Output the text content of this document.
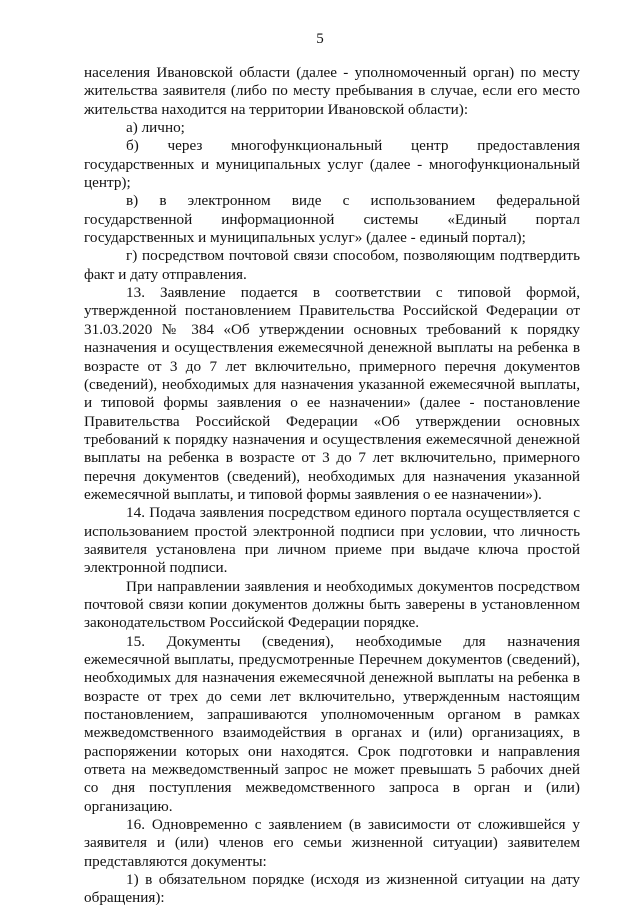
5

населения Ивановской области (далее - уполномоченный орган) по месту жительства заявителя (либо по месту пребывания в случае, если его место жительства находится на территории Ивановской области):

а) лично;

б) через многофункциональный центр предоставления государственных и муниципальных услуг (далее - многофункциональный центр);

в) в электронном виде с использованием федеральной государственной информационной системы «Единый портал государственных и муниципальных услуг» (далее - единый портал);

г) посредством почтовой связи способом, позволяющим подтвердить факт и дату отправления.

13. Заявление подается в соответствии с типовой формой, утвержденной постановлением Правительства Российской Федерации от 31.03.2020 № 384 «Об утверждении основных требований к порядку назначения и осуществления ежемесячной денежной выплаты на ребенка в возрасте от 3 до 7 лет включительно, примерного перечня документов (сведений), необходимых для назначения указанной ежемесячной выплаты, и типовой формы заявления о ее назначении» (далее - постановление Правительства Российской Федерации «Об утверждении основных требований к порядку назначения и осуществления ежемесячной денежной выплаты на ребенка в возрасте от 3 до 7 лет включительно, примерного перечня документов (сведений), необходимых для назначения указанной ежемесячной выплаты, и типовой формы заявления о ее назначении»).

14. Подача заявления посредством единого портала осуществляется с использованием простой электронной подписи при условии, что личность заявителя установлена при личном приеме при выдаче ключа простой электронной подписи.

При направлении заявления и необходимых документов посредством почтовой связи копии документов должны быть заверены в установленном законодательством Российской Федерации порядке.

15. Документы (сведения), необходимые для назначения ежемесячной выплаты, предусмотренные Перечнем документов (сведений), необходимых для назначения ежемесячной денежной выплаты на ребенка в возрасте от трех до семи лет включительно, утвержденным настоящим постановлением, запрашиваются уполномоченным органом в рамках межведомственного взаимодействия в органах и (или) организациях, в распоряжении которых они находятся. Срок подготовки и направления ответа на межведомственный запрос не может превышать 5 рабочих дней со дня поступления межведомственного запроса в орган и (или) организацию.

16. Одновременно с заявлением (в зависимости от сложившейся у заявителя и (или) членов его семьи жизненной ситуации) заявителем представляются документы:

1) в обязательном порядке (исходя из жизненной ситуации на дату обращения):
